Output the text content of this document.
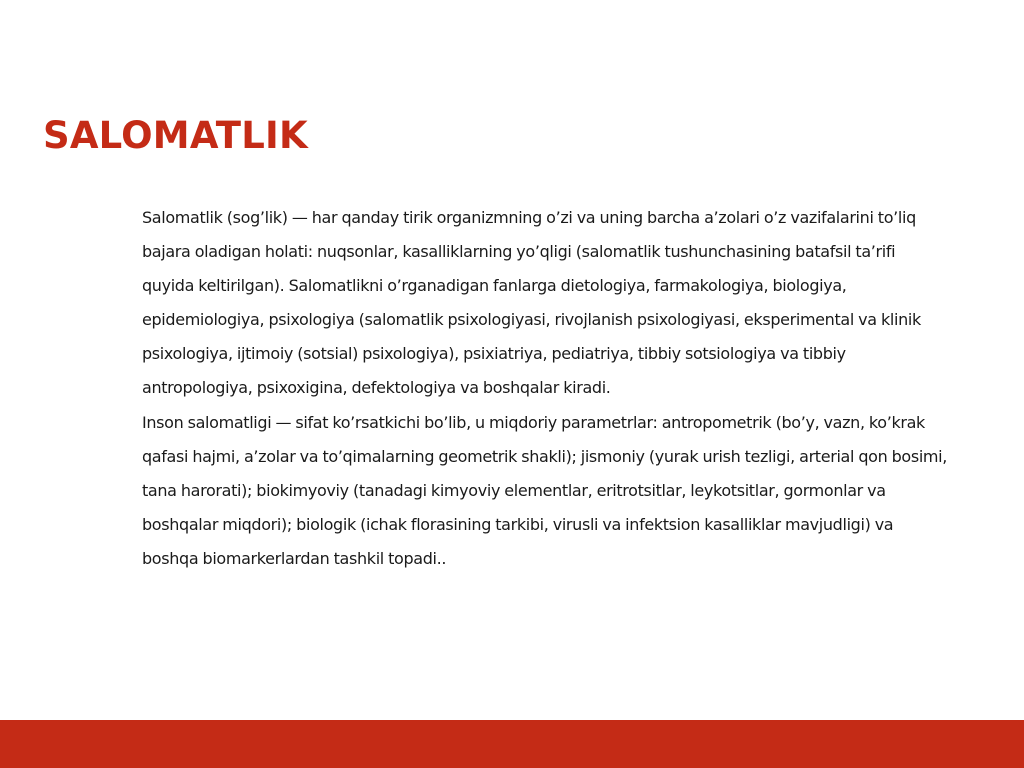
SALOMATLIK

Salomatlik (sog’lik) — har qanday tirik organizmning o’zi va uning barcha a’zolari o’z vazifalarini to’liq bajara oladigan holati: nuqsonlar, kasalliklarning yo’qligi (salomatlik tushunchasining batafsil ta’rifi quyida keltirilgan). Salomatlikni o’rganadigan fanlarga dietologiya, farmakologiya, biologiya, epidemiologiya, psixologiya (salomatlik psixologiyasi, rivojlanish psixologiyasi, eksperimental va klinik psixologiya, ijtimoiy (sotsial) psixologiya), psixiatriya, pediatriya, tibbiy sotsiologiya va tibbiy antropologiya, psixoxigina, defektologiya va boshqalar kiradi.

Inson salomatligi — sifat ko’rsatkichi bo’lib, u miqdoriy parametrlar: antropometrik (bo’y, vazn, ko’krak qafasi hajmi, a’zolar va to’qimalarning geometrik shakli); jismoniy (yurak urish tezligi, arterial qon bosimi, tana harorati); biokimyoviy (tanadagi kimyoviy elementlar, eritrotsitlar, leykotsitlar, gormonlar va boshqalar miqdori); biologik (ichak florasining tarkibi, virusli va infektsion kasalliklar mavjudligi) va boshqa biomarkerlardan tashkil topadi..
